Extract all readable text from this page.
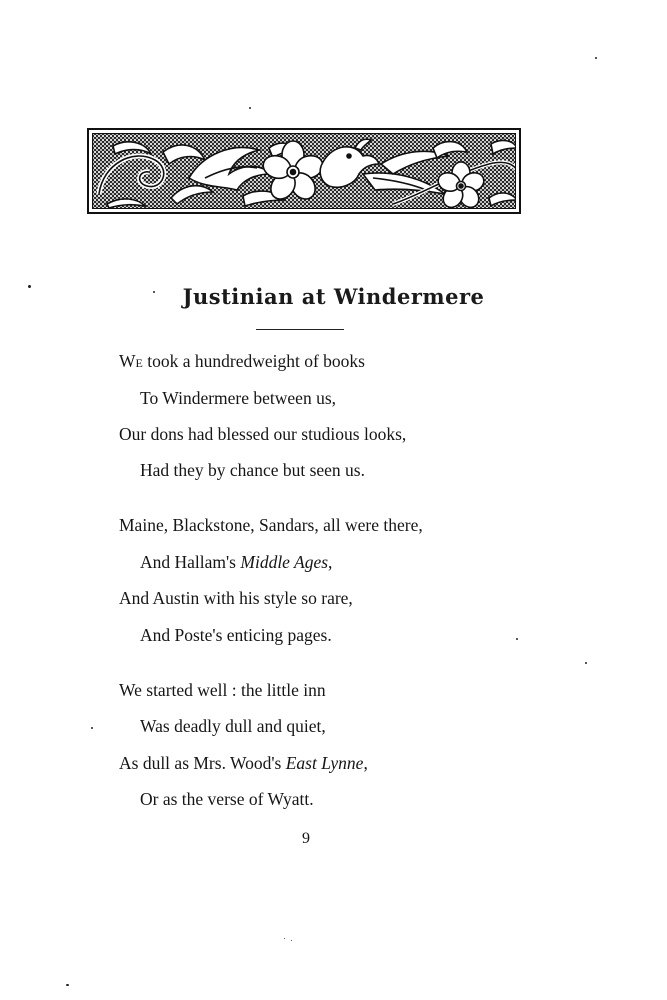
Justinian at Windermere
We took a hundredweight of books
To Windermere between us,
Our dons had blessed our studious looks,
Had they by chance but seen us.
Maine, Blackstone, Sandars, all were there,
And Hallam's Middle Ages,
And Austin with his style so rare,
And Poste's enticing pages.
We started well : the little inn
Was deadly dull and quiet,
As dull as Mrs. Wood's East Lynne,
Or as the verse of Wyatt.
9
